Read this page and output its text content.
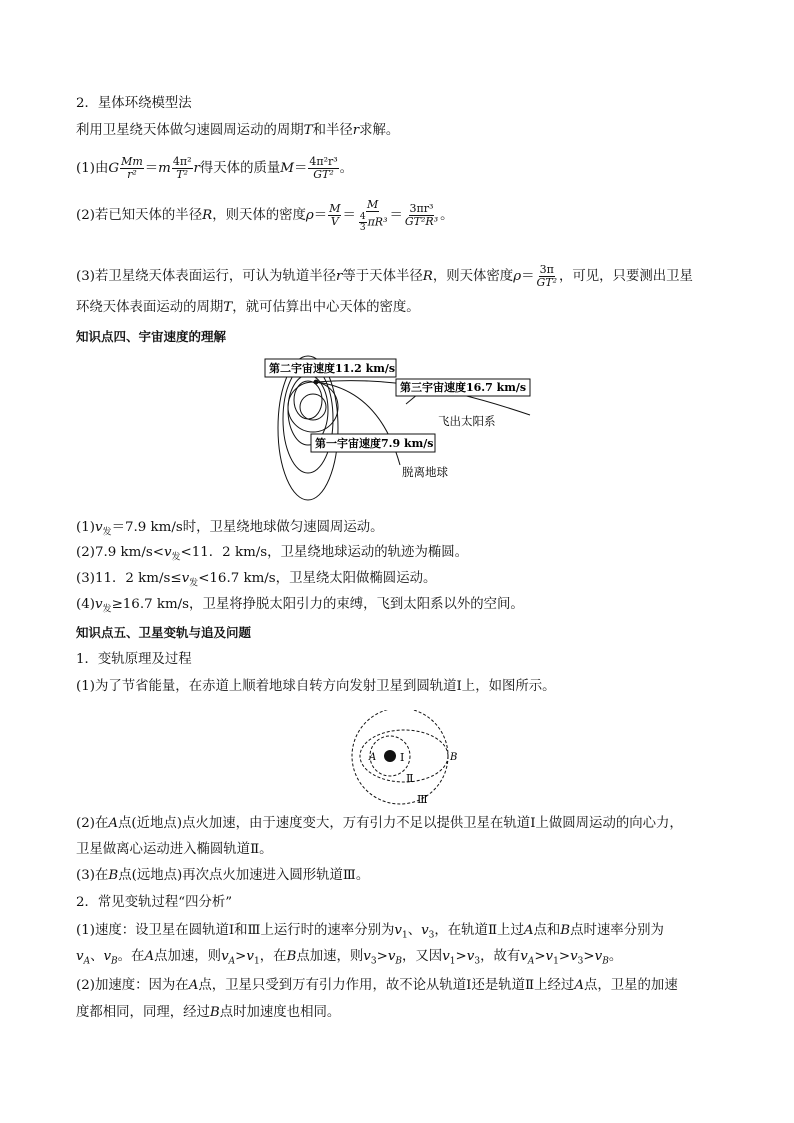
2．星体环绕模型法
利用卫星绕天体做匀速圆周运动的周期T和半径r求解。
(1)由G $\frac{Mm}{\text{r²}} =m \frac{\text{4π²}}{\text{T²}}$ r得天体的质量$M= \frac{\text{4π²r³}}{\text{GT²}}$ 。
(2)若已知天体的半径R，则天体的密度$\rho= \frac{M}{V} = \frac{M}{\frac{4}{3} \pi R^3} = \frac{\text{3πr³}}{\text{GT²R³}}$ 。
(3)若卫星绕天体表面运行，可认为轨道半径r等于天体半径R，则天体密度$\rho= \frac{3\pi}{\text{GT²}}$ ，可见，只要测出卫星
环绕天体表面运动的周期T，就可估算出中心天体的密度。
知识点四、宇宙速度的理解
第二宇宙速度11.2 km/s
第三宇宙速度16.7 km/s
第一宇宙速度7.9 km/s
飞出太阳系
脱离地球
$(1)v_发=7.9$ km/s时，卫星绕地球做匀速圆周运动。
(2)7.9 $km/s<v_发<11$．2 km/s，卫星绕地球运动的轨迹为椭圆。
(3)11．2 $km/s\le v_发<16.7$ km/s，卫星绕太阳做椭圆运动。
$(4)v_发\ge 16.7$ km/s，卫星将挣脱太阳引力的束缚，飞到太阳系以外的空间。
知识点五、卫星变轨与追及问题
1．变轨原理及过程
(1)为了节省能量，在赤道上顺着地球自转方向发射卫星到圆轨道Ⅰ上，如图所示。
A	B
Ⅰ
Ⅱ
Ⅲ
(2)在A点(近地点)点火加速，由于速度变大，万有引力不足以提供卫星在轨道Ⅰ上做圆周运动的向心力，
卫星做离心运动进入椭圆轨道Ⅱ。
(3)在B点(远地点)再次点火加速进入圆形轨道Ⅲ。
2．常见变轨过程“四分析”
(1)速度：设卫星在圆轨道Ⅰ和Ⅲ上运行时的速率分别为$v_1$、$v_3$，在轨道Ⅱ上过A点和B点时速率分别为
$v_A$、$v_B$。在A点加速，则$v_A>v_1$，在B点加速，则$v_3>v_B$，又因$v_1>v_3$，故有$v_A>v_1>v_3>v_B$。
(2)加速度：因为在A点，卫星只受到万有引力作用，故不论从轨道Ⅰ还是轨道Ⅱ上经过A点，卫星的加速
度都相同，同理，经过B点时加速度也相同。
